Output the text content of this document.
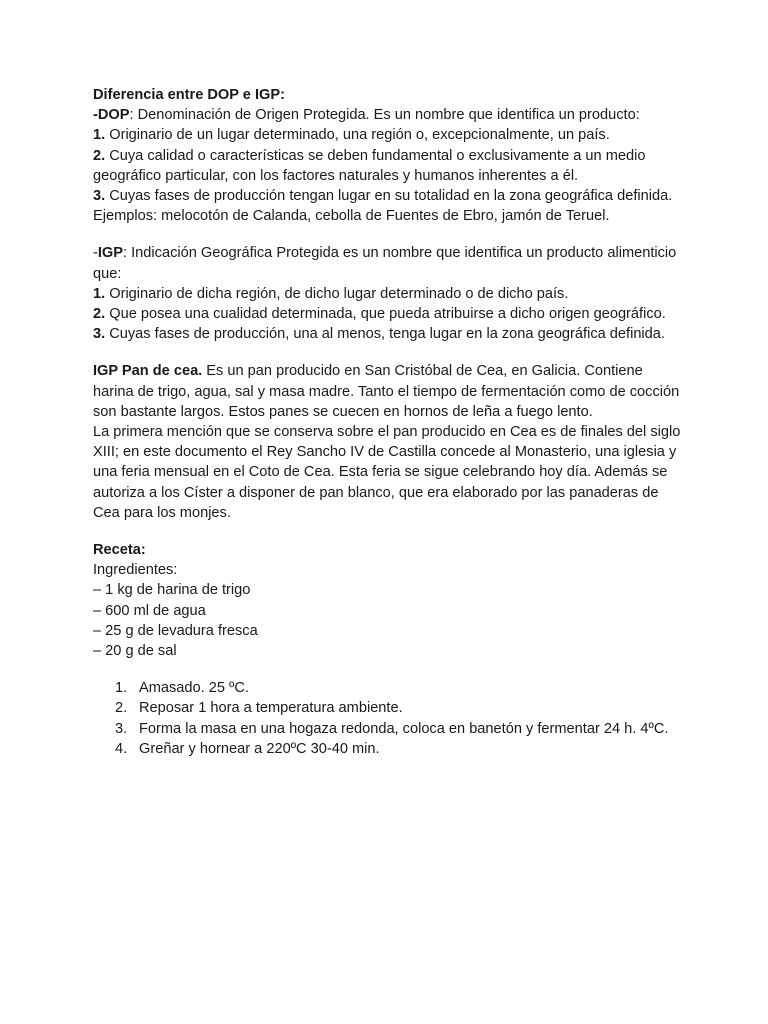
Diferencia entre DOP e IGP:

-DOP: Denominación de Origen Protegida. Es un nombre que identifica un producto:

1. Originario de un lugar determinado, una región o, excepcionalmente, un país.

2. Cuya calidad o características se deben fundamental o exclusivamente a un medio geográfico particular, con los factores naturales y humanos inherentes a él.

3. Cuyas fases de producción tengan lugar en su totalidad en la zona geográfica definida.

Ejemplos: melocotón de Calanda, cebolla de Fuentes de Ebro, jamón de Teruel.

-IGP: Indicación Geográfica Protegida es un nombre que identifica un producto alimenticio que:

1. Originario de dicha región, de dicho lugar determinado o de dicho país.

2. Que posea una cualidad determinada, que pueda atribuirse a dicho origen geográfico.

3. Cuyas fases de producción, una al menos, tenga lugar en la zona geográfica definida.

IGP Pan de cea. Es un pan producido en San Cristóbal de Cea, en Galicia. Contiene harina de trigo, agua, sal y masa madre. Tanto el tiempo de fermentación como de cocción son bastante largos. Estos panes se cuecen en hornos de leña a fuego lento.

La primera mención que se conserva sobre el pan producido en Cea es de finales del siglo XIII; en este documento el Rey Sancho IV de Castilla concede al Monasterio, una iglesia y una feria mensual en el Coto de Cea. Esta feria se sigue celebrando hoy día. Además se autoriza a los Císter a disponer de pan blanco, que era elaborado por las panaderas de Cea para los monjes.

Receta:

Ingredientes:

– 1 kg de harina de trigo

– 600 ml de agua

– 25 g de levadura fresca

– 20 g de sal

1. Amasado. 25 ºC.
2. Reposar 1 hora a temperatura ambiente.
3. Forma la masa en una hogaza redonda, coloca en banetón y fermentar 24 h. 4ºC.
4. Greñar y hornear a 220ºC 30-40 min.
